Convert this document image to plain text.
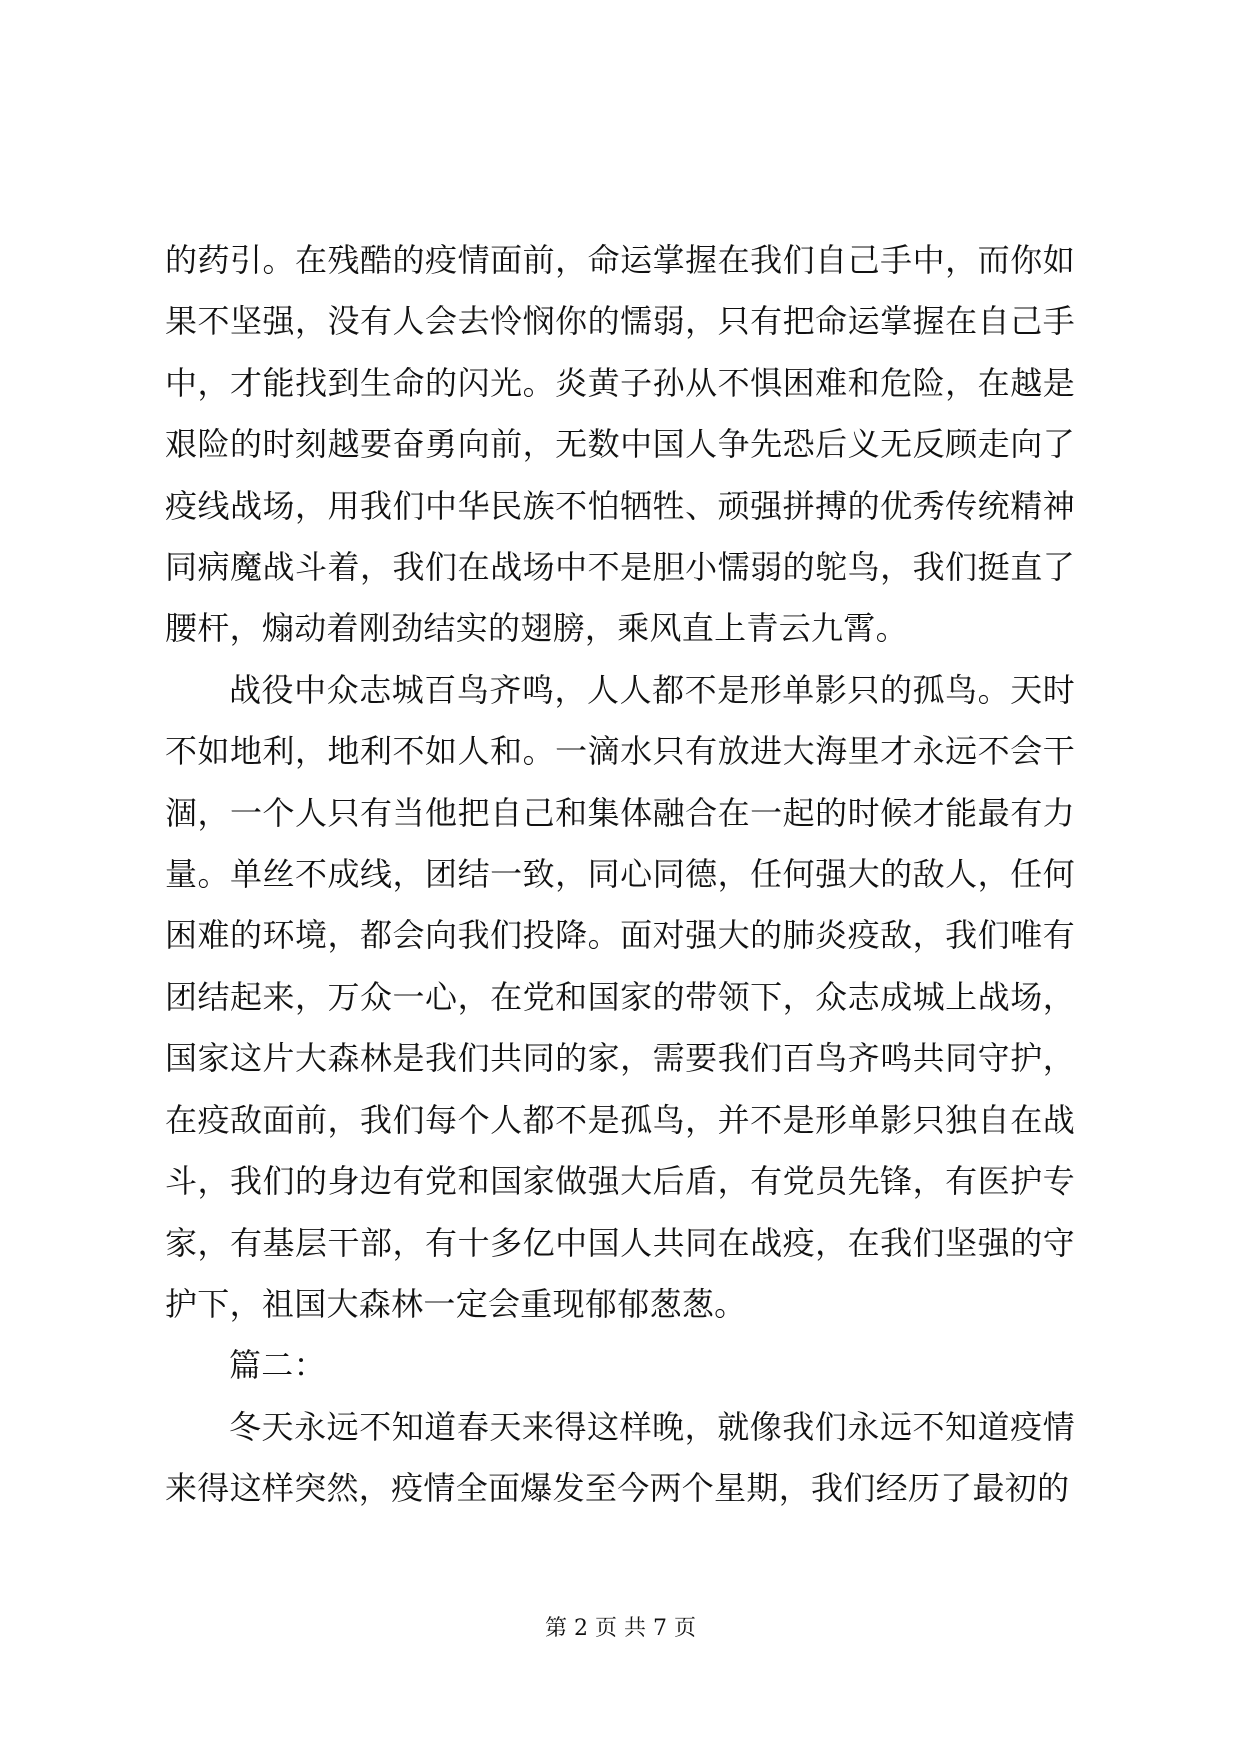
的药引。在残酷的疫情面前，命运掌握在我们自己手中，而你如果不坚强，没有人会去怜悯你的懦弱，只有把命运掌握在自己手中，才能找到生命的闪光。炎黄子孙从不惧困难和危险，在越是艰险的时刻越要奋勇向前，无数中国人争先恐后义无反顾走向了疫线战场，用我们中华民族不怕牺牲、顽强拼搏的优秀传统精神同病魔战斗着，我们在战场中不是胆小懦弱的鸵鸟，我们挺直了腰杆，煽动着刚劲结实的翅膀，乘风直上青云九霄。

战役中众志城百鸟齐鸣，人人都不是形单影只的孤鸟。天时不如地利，地利不如人和。一滴水只有放进大海里才永远不会干涸，一个人只有当他把自己和集体融合在一起的时候才能最有力量。单丝不成线，团结一致，同心同德，任何强大的敌人，任何困难的环境，都会向我们投降。面对强大的肺炎疫敌，我们唯有团结起来，万众一心，在党和国家的带领下，众志成城上战场，国家这片大森林是我们共同的家，需要我们百鸟齐鸣共同守护，在疫敌面前，我们每个人都不是孤鸟，并不是形单影只独自在战斗，我们的身边有党和国家做强大后盾，有党员先锋，有医护专家，有基层干部，有十多亿中国人共同在战疫，在我们坚强的守护下，祖国大森林一定会重现郁郁葱葱。

篇二：

冬天永远不知道春天来得这样晚，就像我们永远不知道疫情来得这样突然，疫情全面爆发至今两个星期，我们经历了最初的

第 2 页 共 7 页
